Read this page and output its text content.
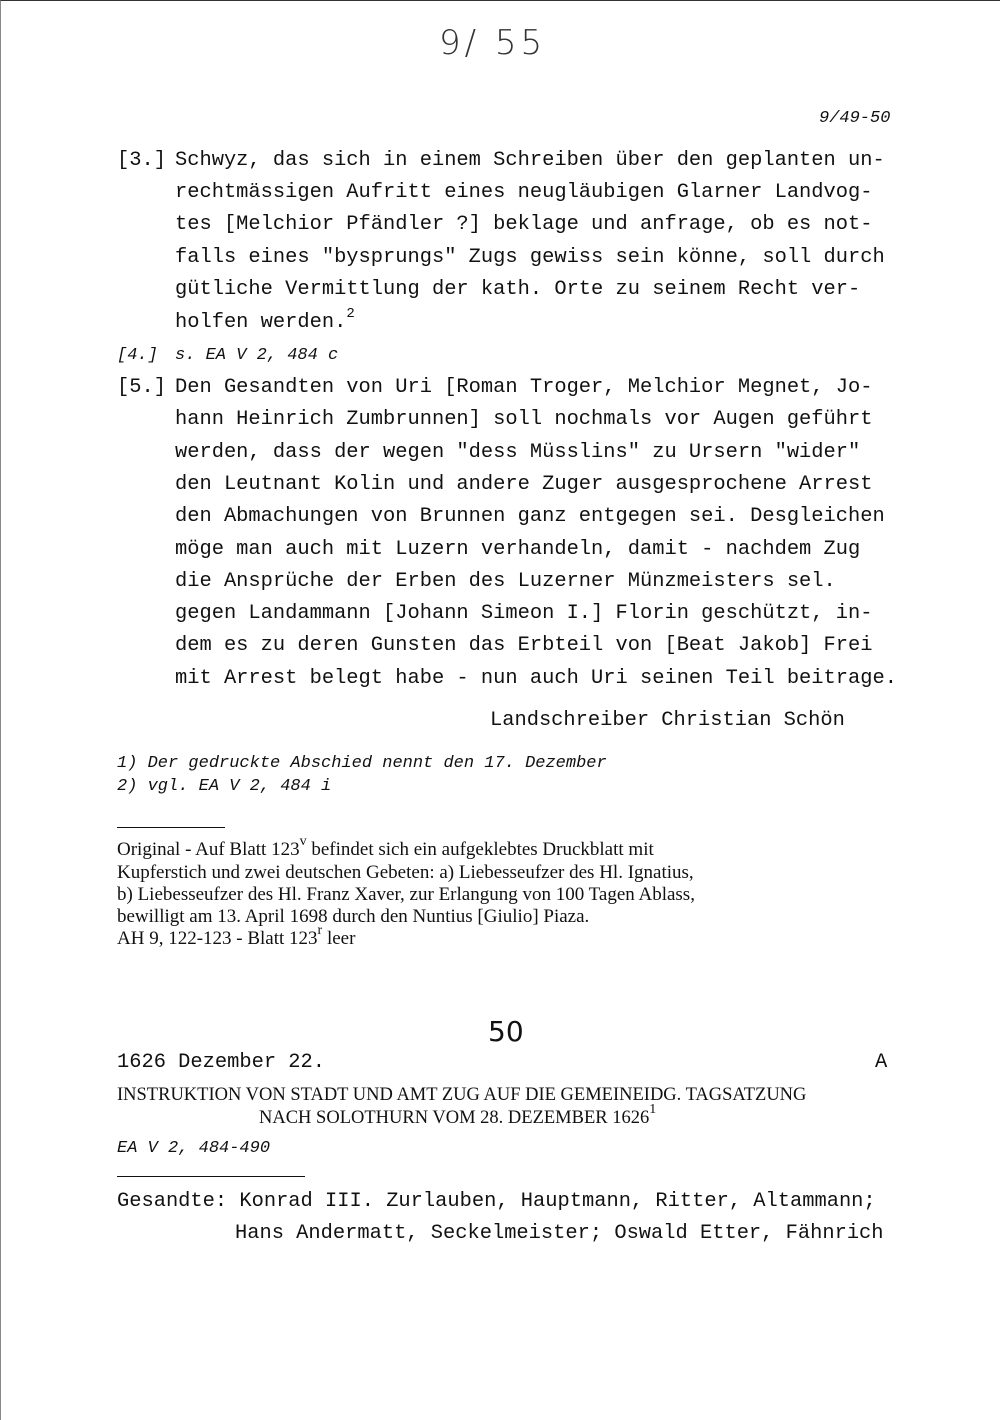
9/ 55
9/49-50
[3.] Schwyz, das sich in einem Schreiben über den geplanten un-
rechtmässigen Aufritt eines neugläubigen Glarner Landvog-
tes [Melchior Pfändler ?] beklage und anfrage, ob es not-
falls eines "bysprungs" Zugs gewiss sein könne, soll durch
gütliche Vermittlung der kath. Orte zu seinem Recht ver-
holfen werden.$^2$
[4.] s. EA V 2, 484 c
[5.] Den Gesandten von Uri [Roman Troger, Melchior Megnet, Jo-
hann Heinrich Zumbrunnen] soll nochmals vor Augen geführt
werden, dass der wegen "dess Müsslins" zu Ursern "wider"
den Leutnant Kolin und andere Zuger ausgesprochene Arrest
den Abmachungen von Brunnen ganz entgegen sei. Desgleichen
möge man auch mit Luzern verhandeln, damit - nachdem Zug
die Ansprüche der Erben des Luzerner Münzmeisters sel.
gegen Landammann [Johann Simeon I.] Florin geschützt, in-
dem es zu deren Gunsten das Erbteil von [Beat Jakob] Frei
mit Arrest belegt habe - nun auch Uri seinen Teil beitrage.
Landschreiber Christian Schön
1) Der gedruckte Abschied nennt den 17. Dezember
2) vgl. EA V 2, 484 i
Original - Auf Blatt 123$^v$ befindet sich ein aufgeklebtes Druckblatt mit
Kupferstich und zwei deutschen Gebeten: a) Liebesseufzer des Hl. Ignatius,
b) Liebesseufzer des Hl. Franz Xaver, zur Erlangung von 100 Tagen Ablass,
bewilligt am 13. April 1698 durch den Nuntius [Giulio] Piaza.
AH 9, 122-123 - Blatt 123$^r$ leer
50
1626 Dezember 22.	A
INSTRUKTION VON STADT UND AMT ZUG AUF DIE GEMEINEIDG. TAGSATZUNG
NACH SOLOTHURN VOM 28. DEZEMBER 1626$^1$
EA V 2, 484-490
Gesandte: Konrad III. Zurlauben, Hauptmann, Ritter, Altammann;
Hans Andermatt, Seckelmeister; Oswald Etter, Fähnrich
